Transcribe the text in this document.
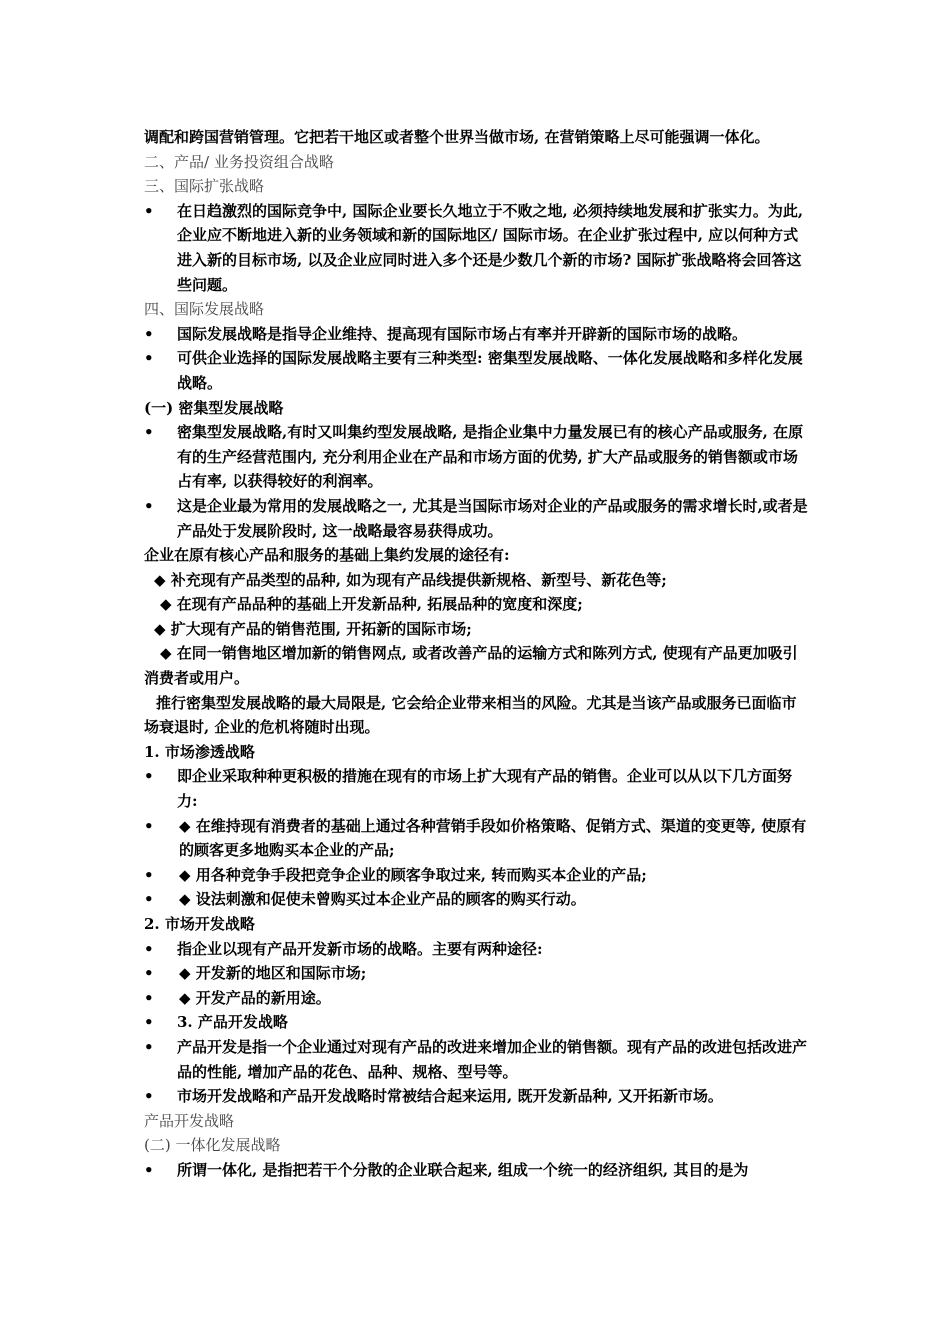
调配和跨国营销管理。它把若干地区或者整个世界当做市场, 在营销策略上尽可能强调一体化。
二、产品/ 业务投资组合战略
三、国际扩张战略
•	在日趋激烈的国际竞争中, 国际企业要长久地立于不败之地, 必须持续地发展和扩张实力。为此, 企业应不断地进入新的业务领域和新的国际地区/ 国际市场。在企业扩张过程中, 应以何种方式进入新的目标市场, 以及企业应同时进入多个还是少数几个新的市场? 国际扩张战略将会回答这些问题。
四、国际发展战略
•	国际发展战略是指导企业维持、提高现有国际市场占有率并开辟新的国际市场的战略。
•	可供企业选择的国际发展战略主要有三种类型: 密集型发展战略、一体化发展战略和多样化发展战略。
(一) 密集型发展战略
•	密集型发展战略,有时又叫集约型发展战略, 是指企业集中力量发展已有的核心产品或服务, 在原有的生产经营范围内, 充分利用企业在产品和市场方面的优势, 扩大产品或服务的销售额或市场占有率, 以获得较好的利润率。
•	这是企业最为常用的发展战略之一, 尤其是当国际市场对企业的产品或服务的需求增长时,或者是产品处于发展阶段时, 这一战略最容易获得成功。
企业在原有核心产品和服务的基础上集约发展的途径有:
◆ 补充现有产品类型的品种, 如为现有产品线提供新规格、新型号、新花色等;
◆ 在现有产品品种的基础上开发新品种, 拓展品种的宽度和深度;
◆ 扩大现有产品的销售范围, 开拓新的国际市场;
◆ 在同一销售地区增加新的销售网点, 或者改善产品的运输方式和陈列方式, 使现有产品更加吸引消费者或用户。
推行密集型发展战略的最大局限是, 它会给企业带来相当的风险。尤其是当该产品或服务已面临市场衰退时, 企业的危机将随时出现。
1. 市场渗透战略
•	即企业采取种种更积极的措施在现有的市场上扩大现有产品的销售。企业可以从以下几方面努力:
•	◆ 在维持现有消费者的基础上通过各种营销手段如价格策略、促销方式、渠道的变更等, 使原有的顾客更多地购买本企业的产品;
•	◆ 用各种竞争手段把竞争企业的顾客争取过来, 转而购买本企业的产品;
•	◆ 设法刺激和促使未曾购买过本企业产品的顾客的购买行动。
2. 市场开发战略
•	指企业以现有产品开发新市场的战略。主要有两种途径:
•	◆ 开发新的地区和国际市场;
•	◆ 开发产品的新用途。
•	3. 产品开发战略
•	产品开发是指一个企业通过对现有产品的改进来增加企业的销售额。现有产品的改进包括改进产品的性能, 增加产品的花色、品种、规格、型号等。
•	市场开发战略和产品开发战略时常被结合起来运用, 既开发新品种, 又开拓新市场。
产品开发战略
(二) 一体化发展战略
•	所谓一体化, 是指把若干个分散的企业联合起来, 组成一个统一的经济组织, 其目的是为
